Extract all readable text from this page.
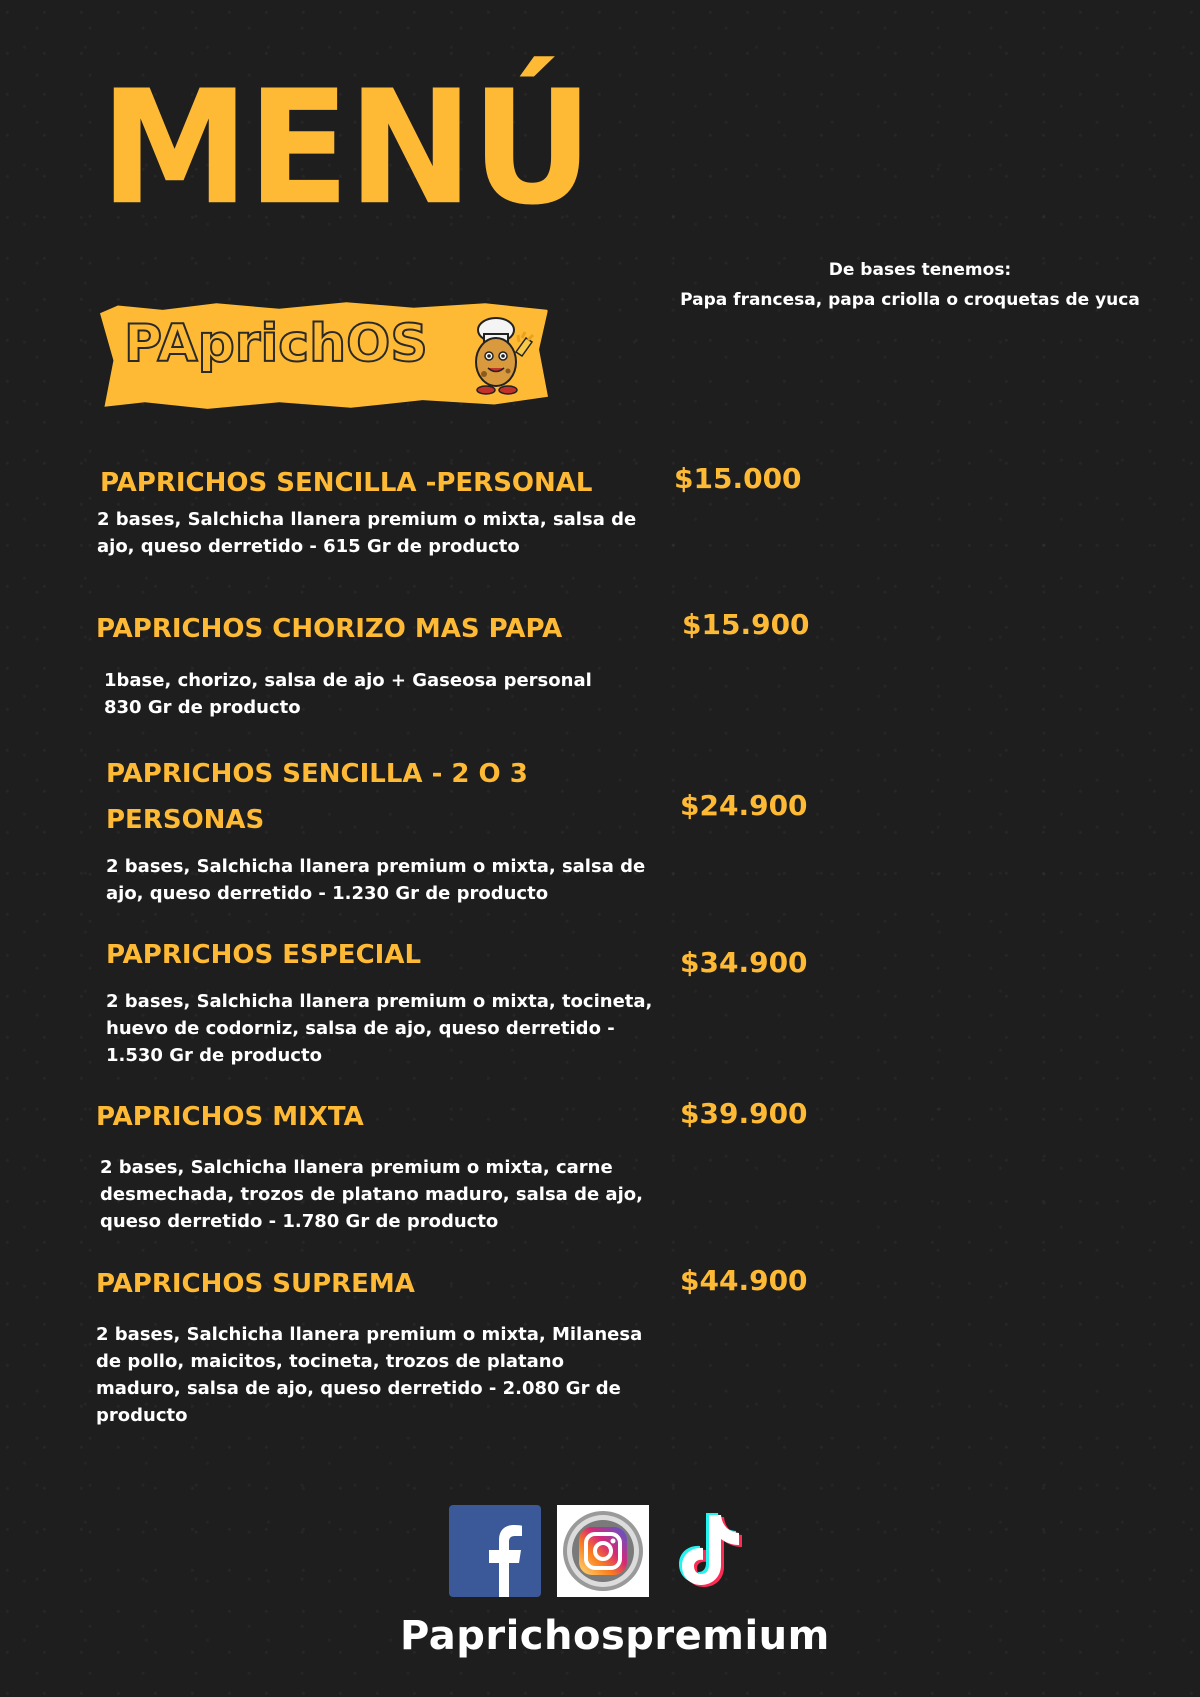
MENÚ
De bases tenemos:
Papa francesa, papa criolla o croquetas de yuca
PAprichOS
PAPRICHOS SENCILLA -PERSONAL	$15.000
2 bases, Salchicha llanera premium o mixta, salsa de
ajo, queso derretido - 615 Gr de producto
PAPRICHOS CHORIZO MAS PAPA	$15.900
1base, chorizo, salsa de ajo + Gaseosa personal
830 Gr de producto
PAPRICHOS SENCILLA - 2 O 3
PERSONAS	$24.900
2 bases, Salchicha llanera premium o mixta, salsa de
ajo, queso derretido - 1.230 Gr de producto
PAPRICHOS ESPECIAL	$34.900
2 bases, Salchicha llanera premium o mixta, tocineta,
huevo de codorniz, salsa de ajo, queso derretido -
1.530 Gr de producto
PAPRICHOS MIXTA	$39.900
2 bases, Salchicha llanera premium o mixta, carne
desmechada, trozos de platano maduro, salsa de ajo,
queso derretido - 1.780 Gr de producto
PAPRICHOS SUPREMA	$44.900
2 bases, Salchicha llanera premium o mixta, Milanesa
de pollo, maicitos, tocineta, trozos de platano
maduro, salsa de ajo, queso derretido - 2.080 Gr de
producto
Paprichospremium
